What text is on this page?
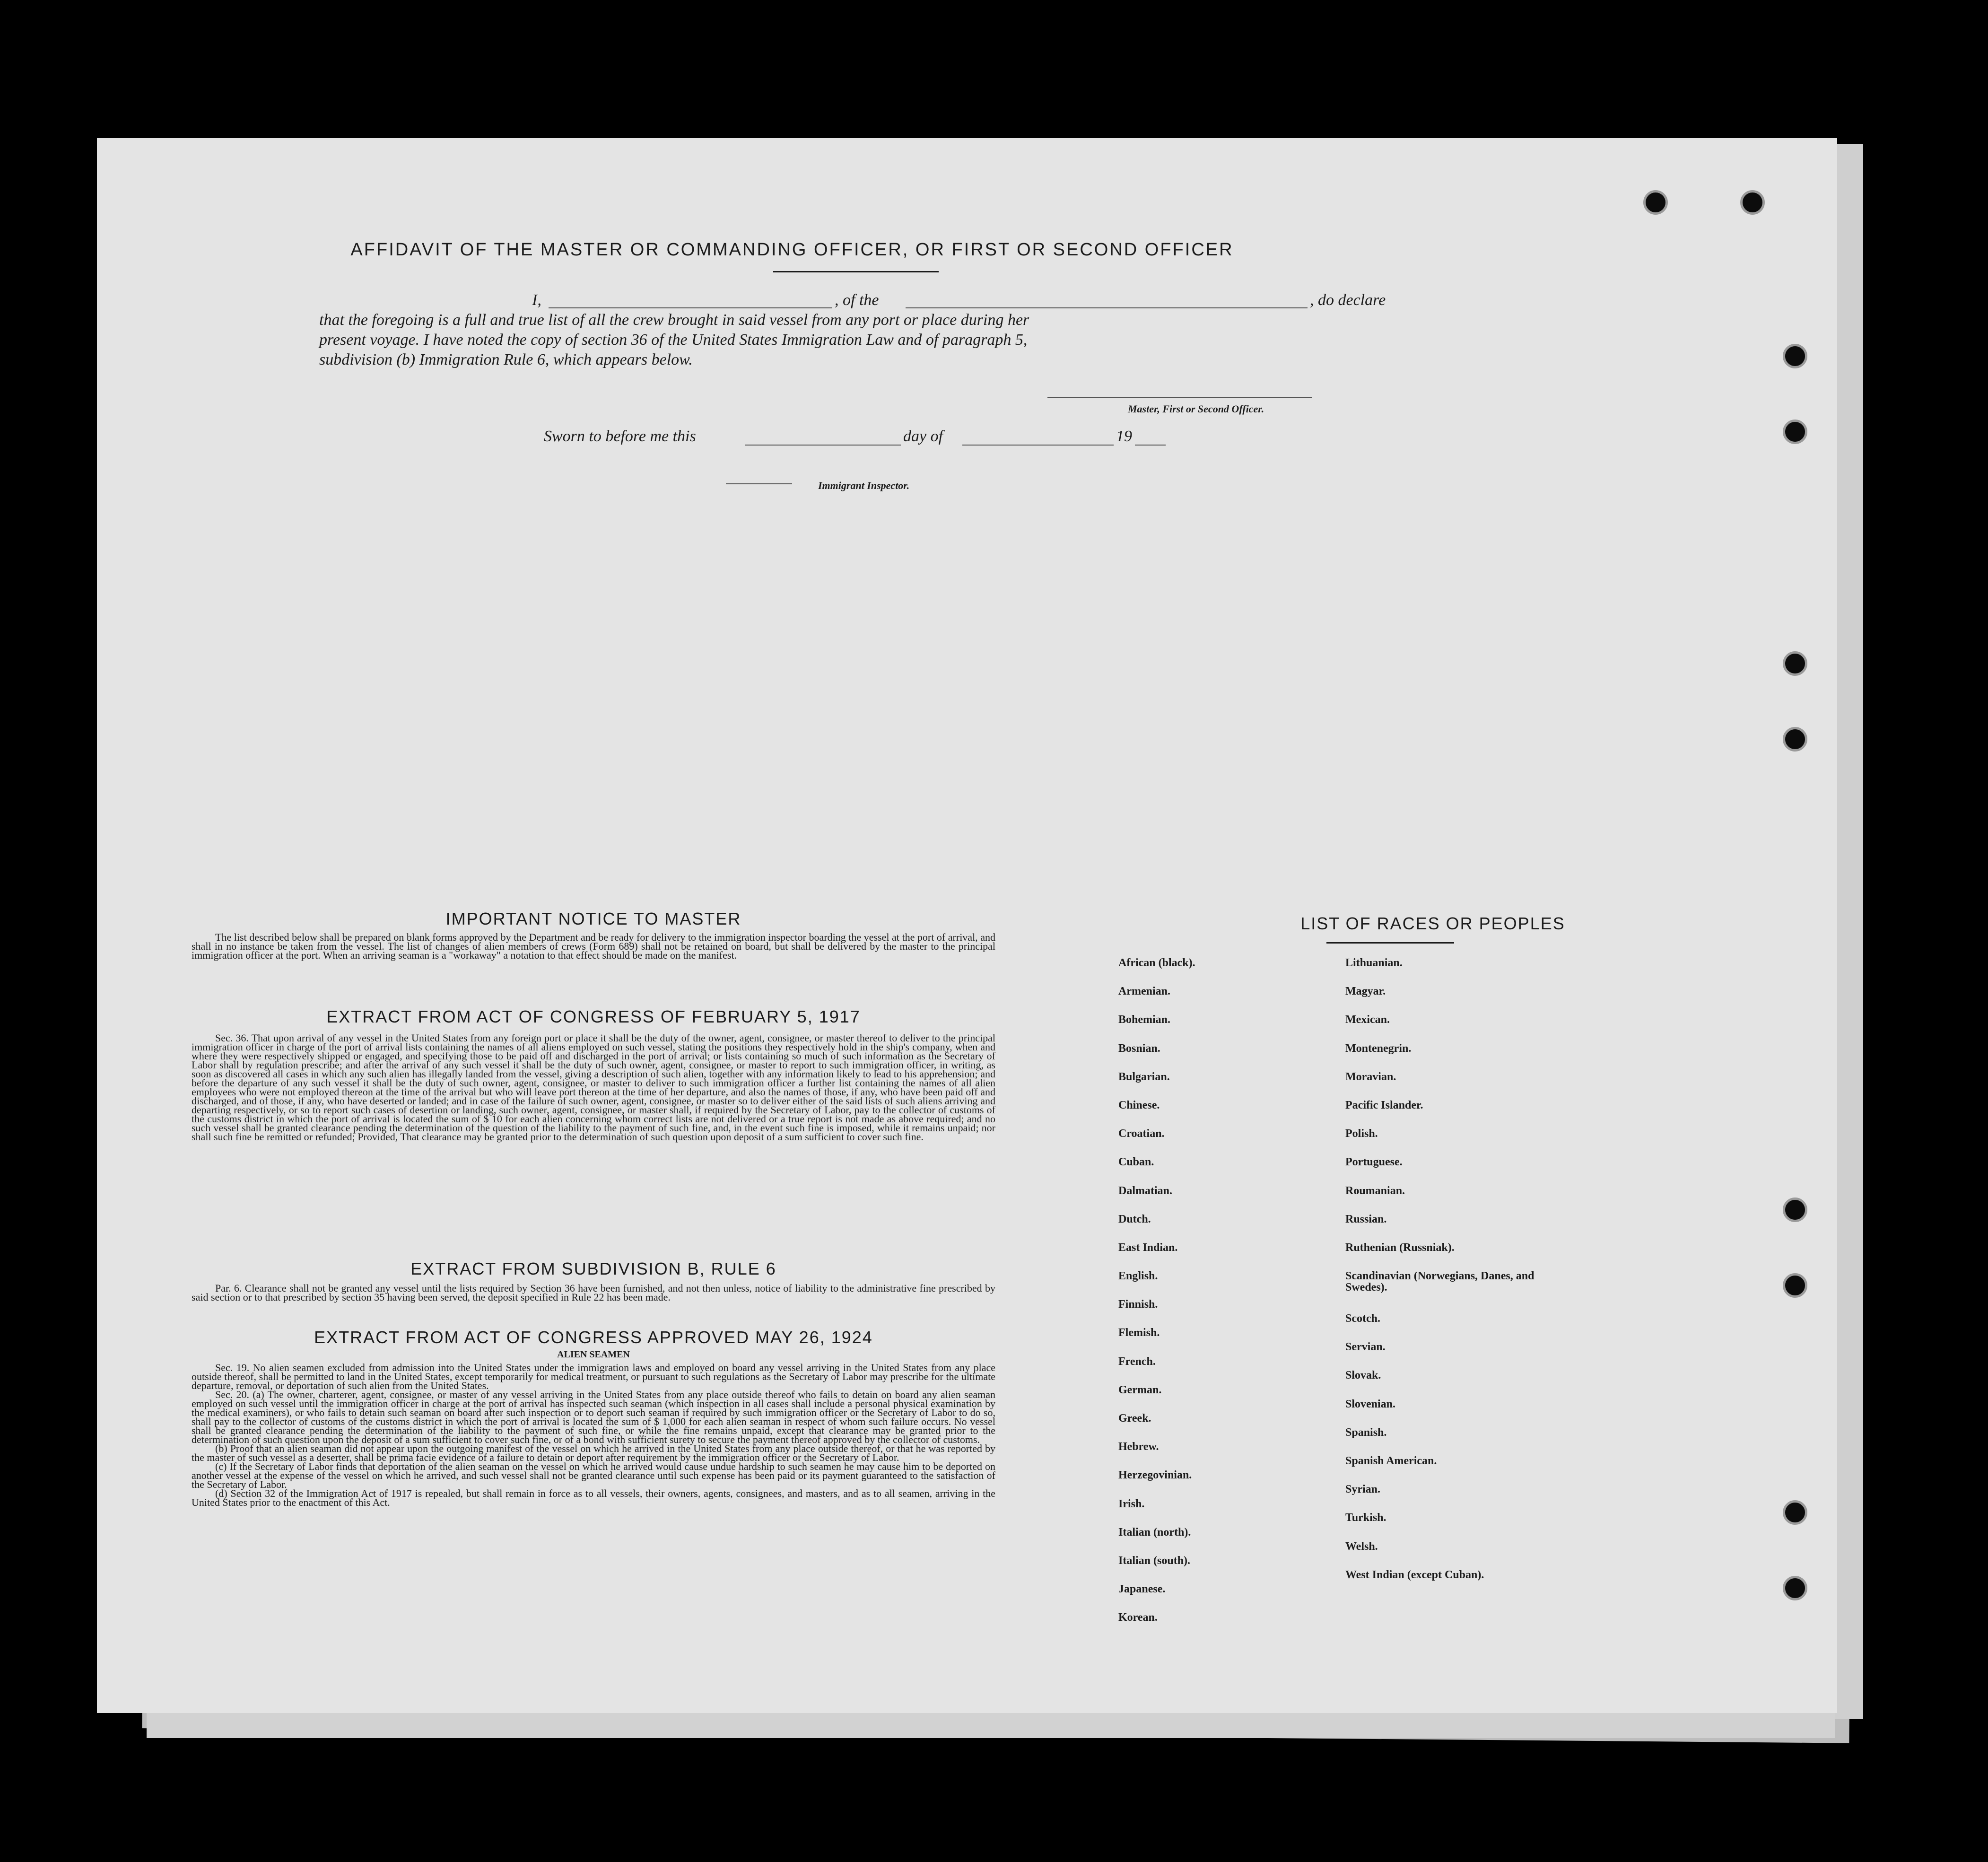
AFFIDAVIT OF THE MASTER OR COMMANDING OFFICER, OR FIRST OR SECOND OFFICER

I,	, of the	, do declare

that the foregoing is a full and true list of all the crew brought in said vessel from any port or place during her

present voyage. I have noted the copy of section 36 of the United States Immigration Law and of paragraph 5,

subdivision (b) Immigration Rule 6, which appears below.

Master, First or Second Officer.
Sworn to before me this	day of	19
Immigrant Inspector.

IMPORTANT NOTICE TO MASTER

The list described below shall be prepared on blank forms approved by the Department and be ready for delivery to the immigration inspector boarding the vessel at the port of arrival, and shall in no instance be taken from the vessel. The list of changes of alien members of crews (Form 689) shall not be retained on board, but shall be delivered by the master to the principal immigration officer at the port. When an arriving seaman is a "workaway" a notation to that effect should be made on the manifest.

EXTRACT FROM ACT OF CONGRESS OF FEBRUARY 5, 1917

Sec. 36. That upon arrival of any vessel in the United States from any foreign port or place it shall be the duty of the owner, agent, consignee, or master thereof to deliver to the principal immigration officer in charge of the port of arrival lists containing the names of all aliens employed on such vessel, stating the positions they respectively hold in the ship's company, when and where they were respectively shipped or engaged, and specifying those to be paid off and discharged in the port of arrival; or lists containing so much of such information as the Secretary of Labor shall by regulation prescribe; and after the arrival of any such vessel it shall be the duty of such owner, agent, consignee, or master to report to such immigration officer, in writing, as soon as discovered all cases in which any such alien has illegally landed from the vessel, giving a description of such alien, together with any information likely to lead to his apprehension; and before the departure of any such vessel it shall be the duty of such owner, agent, consignee, or master to deliver to such immigration officer a further list containing the names of all alien employees who were not employed thereon at the time of the arrival but who will leave port thereon at the time of her departure, and also the names of those, if any, who have been paid off and discharged, and of those, if any, who have deserted or landed; and in case of the failure of such owner, agent, consignee, or master so to deliver either of the said lists of such aliens arriving and departing respectively, or so to report such cases of desertion or landing, such owner, agent, consignee, or master shall, if required by the Secretary of Labor, pay to the collector of customs of the customs district in which the port of arrival is located the sum of $ 10 for each alien concerning whom correct lists are not delivered or a true report is not made as above required; and no such vessel shall be granted clearance pending the determination of the question of the liability to the payment of such fine, and, in the event such fine is imposed, while it remains unpaid; nor shall such fine be remitted or refunded; Provided, That clearance may be granted prior to the determination of such question upon deposit of a sum sufficient to cover such fine.

EXTRACT FROM SUBDIVISION B, RULE 6

Par. 6. Clearance shall not be granted any vessel until the lists required by Section 36 have been furnished, and not then unless, notice of liability to the administrative fine prescribed by said section or to that prescribed by section 35 having been served, the deposit specified in Rule 22 has been made.

EXTRACT FROM ACT OF CONGRESS APPROVED MAY 26, 1924

ALIEN SEAMEN

Sec. 19. No alien seamen excluded from admission into the United States under the immigration laws and employed on board any vessel arriving in the United States from any place outside thereof, shall be permitted to land in the United States, except temporarily for medical treatment, or pursuant to such regulations as the Secretary of Labor may prescribe for the ultimate departure, removal, or deportation of such alien from the United States.

Sec. 20. (a) The owner, charterer, agent, consignee, or master of any vessel arriving in the United States from any place outside thereof who fails to detain on board any alien seaman employed on such vessel until the immigration officer in charge at the port of arrival has inspected such seaman (which inspection in all cases shall include a personal physical examination by the medical examiners), or who fails to detain such seaman on board after such inspection or to deport such seaman if required by such immigration officer or the Secretary of Labor to do so, shall pay to the collector of customs of the customs district in which the port of arrival is located the sum of $ 1,000 for each alien seaman in respect of whom such failure occurs. No vessel shall be granted clearance pending the determination of the liability to the payment of such fine, or while the fine remains unpaid, except that clearance may be granted prior to the determination of such question upon the deposit of a sum sufficient to cover such fine, or of a bond with sufficient surety to secure the payment thereof approved by the collector of customs.

(b) Proof that an alien seaman did not appear upon the outgoing manifest of the vessel on which he arrived in the United States from any place outside thereof, or that he was reported by the master of such vessel as a deserter, shall be prima facie evidence of a failure to detain or deport after requirement by the immigration officer or the Secretary of Labor.

(c) If the Secretary of Labor finds that deportation of the alien seaman on the vessel on which he arrived would cause undue hardship to such seamen he may cause him to be deported on another vessel at the expense of the vessel on which he arrived, and such vessel shall not be granted clearance until such expense has been paid or its payment guaranteed to the satisfaction of the Secretary of Labor.

(d) Section 32 of the Immigration Act of 1917 is repealed, but shall remain in force as to all vessels, their owners, agents, consignees, and masters, and as to all seamen, arriving in the United States prior to the enactment of this Act.

LIST OF RACES OR PEOPLES
African (black).
Armenian.
Bohemian.
Bosnian.
Bulgarian.
Chinese.
Croatian.
Cuban.
Dalmatian.
Dutch.
East Indian.
English.
Finnish.
Flemish.
French.
German.
Greek.
Hebrew.
Herzegovinian.
Irish.
Italian (north).
Italian (south).
Japanese.
Korean.
Lithuanian.
Magyar.
Mexican.
Montenegrin.
Moravian.
Pacific Islander.
Polish.
Portuguese.
Roumanian.
Russian.
Ruthenian (Russniak).
Scandinavian (Norwegians, Danes, and Swedes).
Scotch.
Servian.
Slovak.
Slovenian.
Spanish.
Spanish American.
Syrian.
Turkish.
Welsh.
West Indian (except Cuban).
